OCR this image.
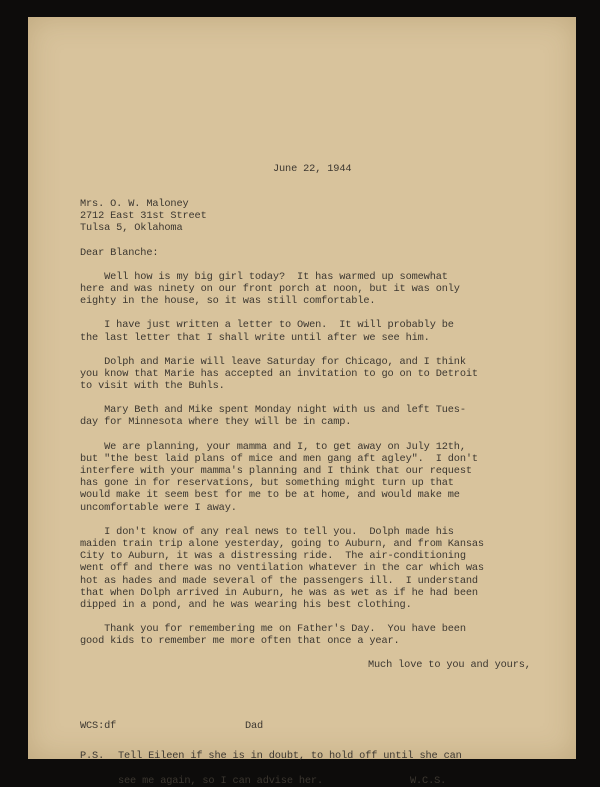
June 22, 1944
Mrs. O. W. Maloney
2712 East 31st Street
Tulsa 5, Oklahoma
Dear Blanche:
Well how is my big girl today?  It has warmed up somewhat
here and was ninety on our front porch at noon, but it was only
eighty in the house, so it was still comfortable.
I have just written a letter to Owen.  It will probably be
the last letter that I shall write until after we see him.
Dolph and Marie will leave Saturday for Chicago, and I think
you know that Marie has accepted an invitation to go on to Detroit
to visit with the Buhls.
Mary Beth and Mike spent Monday night with us and left Tues-
day for Minnesota where they will be in camp.
We are planning, your mamma and I, to get away on July 12th,
but "the best laid plans of mice and men gang aft agley".  I don't
interfere with your mamma's planning and I think that our request
has gone in for reservations, but something might turn up that
would make it seem best for me to be at home, and would make me
uncomfortable were I away.
I don't know of any real news to tell you.  Dolph made his
maiden train trip alone yesterday, going to Auburn, and from Kansas
City to Auburn, it was a distressing ride.  The air-conditioning
went off and there was no ventilation whatever in the car which was
hot as hades and made several of the passengers ill.  I understand
that when Dolph arrived in Auburn, he was as wet as if he had been
dipped in a pond, and he was wearing his best clothing.
Thank you for remembering me on Father's Day.  You have been
good kids to remember me more often that once a year.
Much love to you and yours,
WCS:df	Dad
P.S. Tell Eileen if she is in doubt, to hold off until she can
see me again, so I can advise her.	W.C.S.
